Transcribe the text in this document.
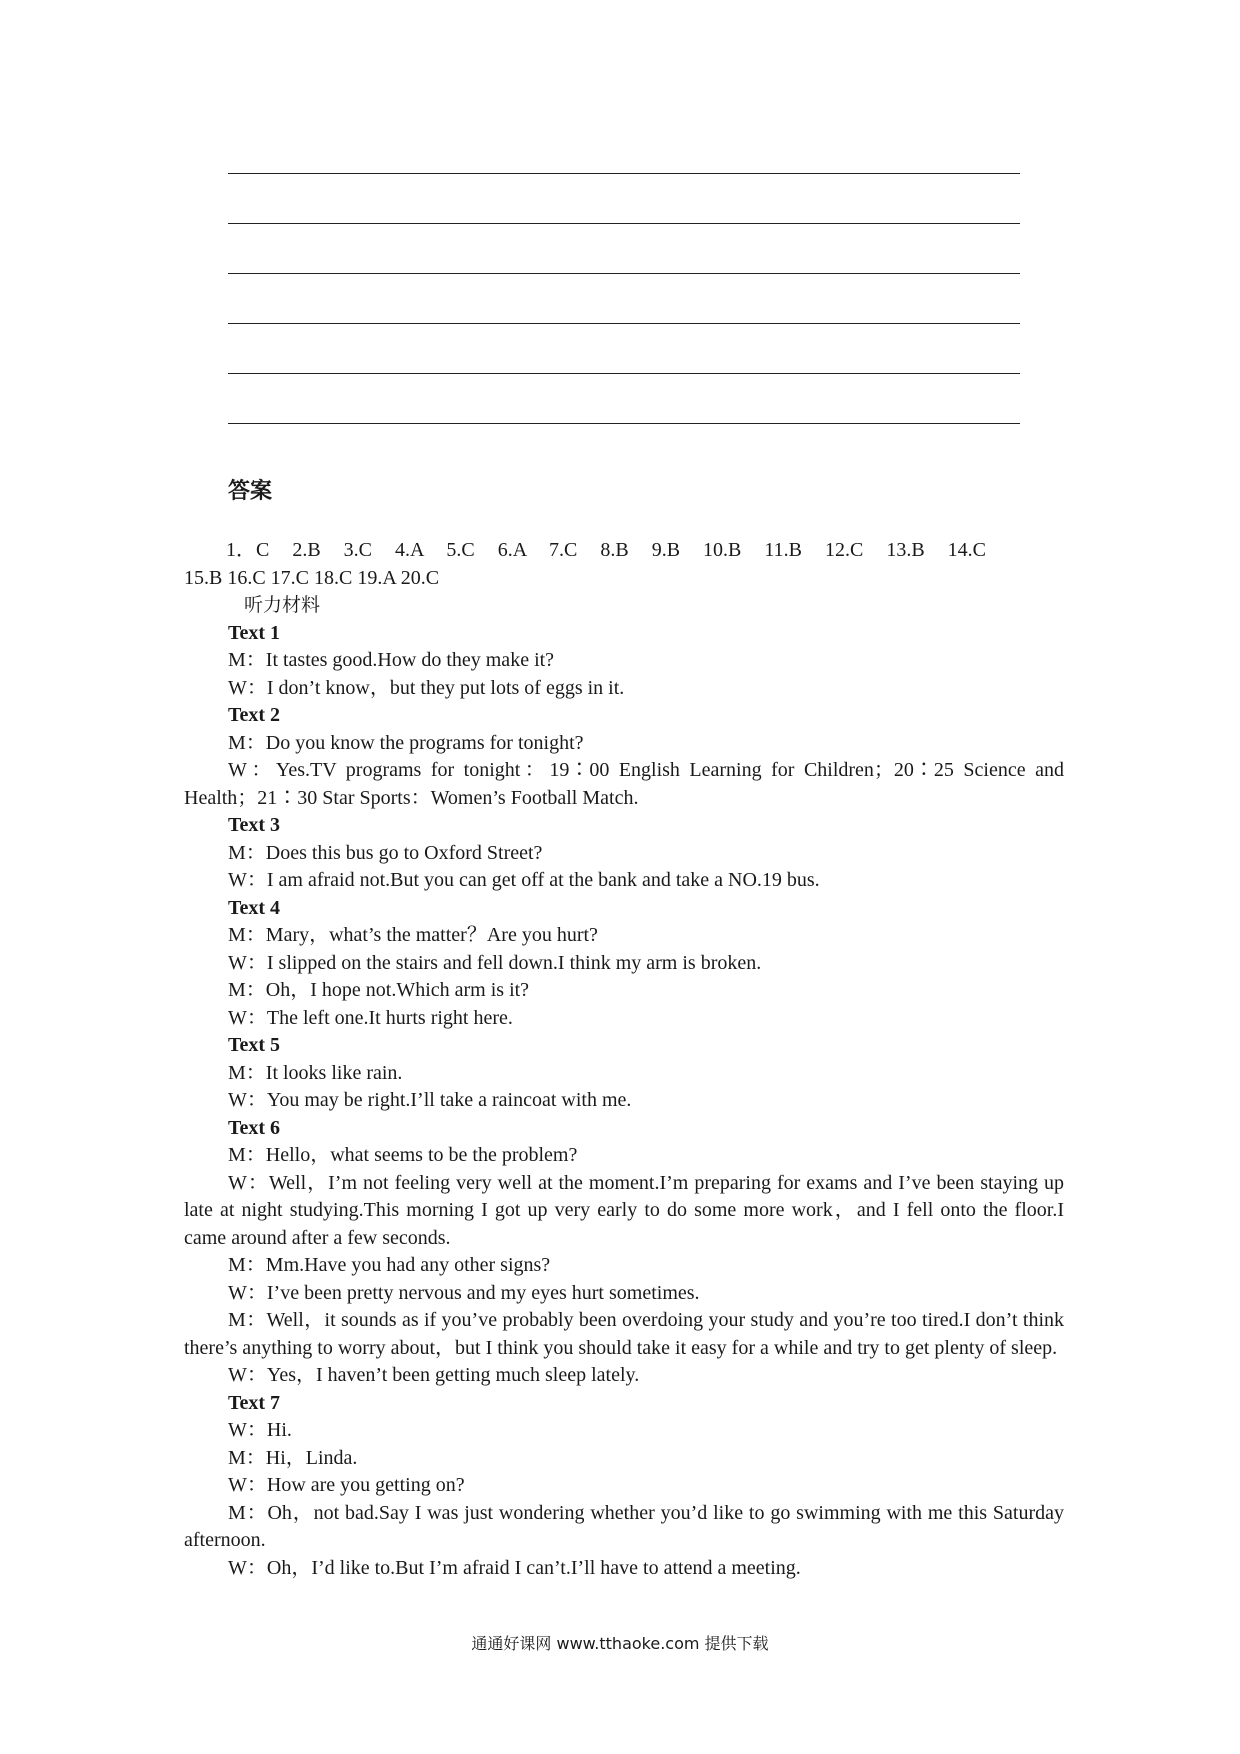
答案

1．C 2.B 3.C 4.A 5.C 6.A 7.C 8.B 9.B 10.B 11.B 12.C 13.B 14.C

15.B 16.C 17.C 18.C 19.A 20.C

听力材料

Text 1

M：It tastes good.How do they make it?

W：I don’t know，but they put lots of eggs in it.

Text 2

M：Do you know the programs for tonight?

W：Yes.TV programs for tonight：19∶00 English Learning for Children；20∶25 Science and Health；21∶30 Star Sports：Women’s Football Match.

Text 3

M：Does this bus go to Oxford Street?

W：I am afraid not.But you can get off at the bank and take a NO.19 bus.

Text 4

M：Mary，what’s the matter？Are you hurt?

W：I slipped on the stairs and fell down.I think my arm is broken.

M：Oh，I hope not.Which arm is it?

W：The left one.It hurts right here.

Text 5

M：It looks like rain.

W：You may be right.I’ll take a raincoat with me.

Text 6

M：Hello，what seems to be the problem?

W：Well，I’m not feeling very well at the moment.I’m preparing for exams and I’ve been staying up late at night studying.This morning I got up very early to do some more work，and I fell onto the floor.I came around after a few seconds.

M：Mm.Have you had any other signs?

W：I’ve been pretty nervous and my eyes hurt sometimes.

M：Well，it sounds as if you’ve probably been overdoing your study and you’re too tired.I don’t think there’s anything to worry about，but I think you should take it easy for a while and try to get plenty of sleep.

W：Yes，I haven’t been getting much sleep lately.

Text 7

W：Hi.

M：Hi，Linda.

W：How are you getting on?

M：Oh，not bad.Say I was just wondering whether you’d like to go swimming with me this Saturday afternoon.

W：Oh，I’d like to.But I’m afraid I can’t.I’ll have to attend a meeting.

通通好课网 www.tthaoke.com 提供下载
